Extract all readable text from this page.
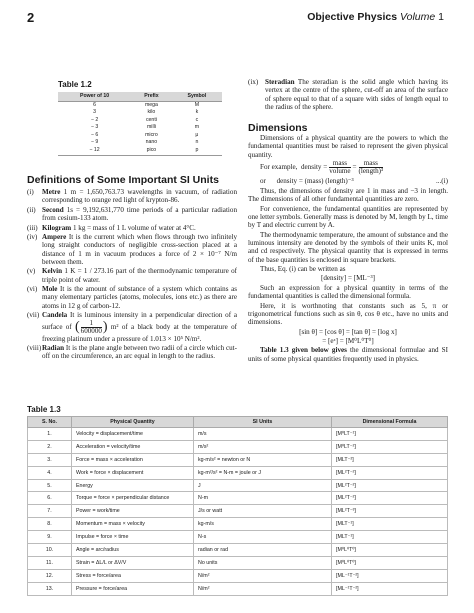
2	Objective Physics Volume 1
Table 1.2
Power of 10	Prefix	Symbol
6	mega	M
3	kilo	k
− 2	centi	c
− 3	milli	m
− 6	micro	μ
− 9	nano	n
− 12	pico	p
Definitions of Some Important SI Units
(i)	Metre 1 m = 1,650,763.73 wavelengths in vacuum, of radiation corresponding to orange red light of krypton-86.
(ii) Second 1s = 9,192,631,770 time periods of a particular radiation from cesium-133 atom.
(iii) Kilogram 1 kg = mass of 1 L volume of water at 4°C.
(iv) Ampere It is the current which when flows through two infinitely long straight conductors of negligible cross-section placed at a distance of 1 m in vacuum produces a force of 2 × 10⁻⁷ N/m between them.
(v) Kelvin 1 K = 1 / 273.16 part of the thermodynamic temperature of triple point of water.
(vi) Mole It is the amount of substance of a system which contains as many elementary particles (atoms, molecules, ions etc.) as there are atoms in 12 g of carbon-12.
(vii) Candela It is luminous intensity in a perpendicular direction of a surface of ( $\frac{1}{600000}$ ) m² of a black body at the temperature of freezing platinum under a pressure of 1.013 × 10⁵ N/m².
(viii) Radian It is the plane angle between two radii of a circle which cut-off on the circumference, an arc equal in length to the radius.
(ix) Steradian The steradian is the solid angle which having its vertex at the centre of the sphere, cut-off an area of the surface of sphere equal to that of a square with sides of length equal to the radius of the sphere.
Dimensions

Dimensions of a physical quantity are the powers to which the fundamental quantities must be raised to represent the given physical quantity.

For example,
density = $\frac{\text{mass}}{\text{volume}} = \frac{\text{mass}}{\text{(length)³}}$
or
density = (mass) (length)⁻³	...(i)

Thus, the dimensions of density are 1 in mass and −3 in length. The dimensions of all other fundamental quantities are zero.

For convenience, the fundamental quantities are represented by one letter symbols. Generally mass is denoted by M, length by L, time by T and electric current by A.

The thermodynamic temperature, the amount of substance and the luminous intensity are denoted by the symbols of their units K, mol and cd respectively. The physical quantity that is expressed in terms of the base quantities is enclosed in square brackets.

Thus, Eq. (i) can be written as

[density] = [ML⁻³]

Such an expression for a physical quantity in terms of the fundamental quantities is called the dimensional formula.

Here, it is worthnoting that constants such as 5, π or trigonometrical functions such as sin θ, cos θ etc., have no units and dimensions.

[sin θ] = [cos θ] = [tan θ] = [log x]

= [eˣ] = [M⁰L⁰T⁰]

Table 1.3 given below gives the dimensional formulae and SI units of some physical quantities frequently used in physics.

Table 1.3
S. No.	Physical Quantity	SI Units	Dimensional Formula
1.	Velocity = displacement/time	m/s	[M⁰LT⁻¹]
2.	Acceleration = velocity/time	m/s²	[M⁰LT⁻²]
3.	Force = mass × acceleration	kg-m/s² = newton or N	[MLT⁻²]
4.	Work = force × displacement	kg-m²/s² = N-m = joule or J	[ML²T⁻²]
5.	Energy	J	[ML²T⁻²]
6.	Torque = force × perpendicular distance	N-m	[ML²T⁻²]
7.	Power = work/time	J/s or watt	[ML²T⁻³]
8.	Momentum = mass × velocity	kg-m/s	[MLT⁻¹]
9.	Impulse = force × time	N-s	[MLT⁻¹]
10.	Angle = arc/radius	radian or rad	[M⁰L⁰T⁰]
11.	Strain = ΔL/L or ΔV/V	No units	[M⁰L⁰T⁰]
12.	Stress = force/area	N/m²	[ML⁻¹T⁻²]
13.	Pressure = force/area	N/m²	[ML⁻¹T⁻²]
